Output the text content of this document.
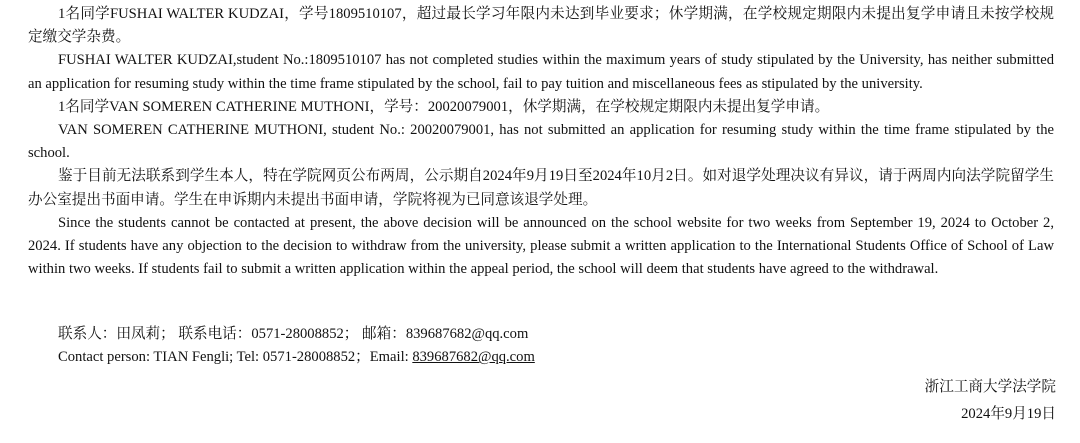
1名同学FUSHAI WALTER KUDZAI，学号1809510107，超过最长学习年限内未达到毕业要求；休学期满，在学校规定期限内未提出复学申请且未按学校规定缴交学杂费。

FUSHAI WALTER KUDZAI,student No.:1809510107 has not completed studies within the maximum years of study stipulated by the University, has neither submitted an application for resuming study within the time frame stipulated by the school, fail to pay tuition and miscellaneous fees as stipulated by the university.

1名同学VAN SOMEREN CATHERINE MUTHONI，学号：20020079001，休学期满，在学校规定期限内未提出复学申请。

VAN SOMEREN CATHERINE MUTHONI, student No.: 20020079001, has not submitted an application for resuming study within the time frame stipulated by the school.

鉴于目前无法联系到学生本人，特在学院网页公布两周，公示期自2024年9月19日至2024年10月2日。如对退学处理决议有异议，请于两周内向法学院留学生办公室提出书面申请。学生在申诉期内未提出书面申请，学院将视为已同意该退学处理。

Since the students cannot be contacted at present, the above decision will be announced on the school website for two weeks from September 19, 2024 to October 2, 2024. If students have any objection to the decision to withdraw from the university, please submit a written application to the International Students Office of School of Law within two weeks. If students fail to submit a written application within the appeal period, the school will deem that students have agreed to the withdrawal.

联系人：田凤莉； 联系电话：0571-28008852； 邮箱：839687682@qq.com

Contact person: TIAN Fengli; Tel: 0571-28008852；Email: 839687682@qq.com

浙江工商大学法学院

2024年9月19日
